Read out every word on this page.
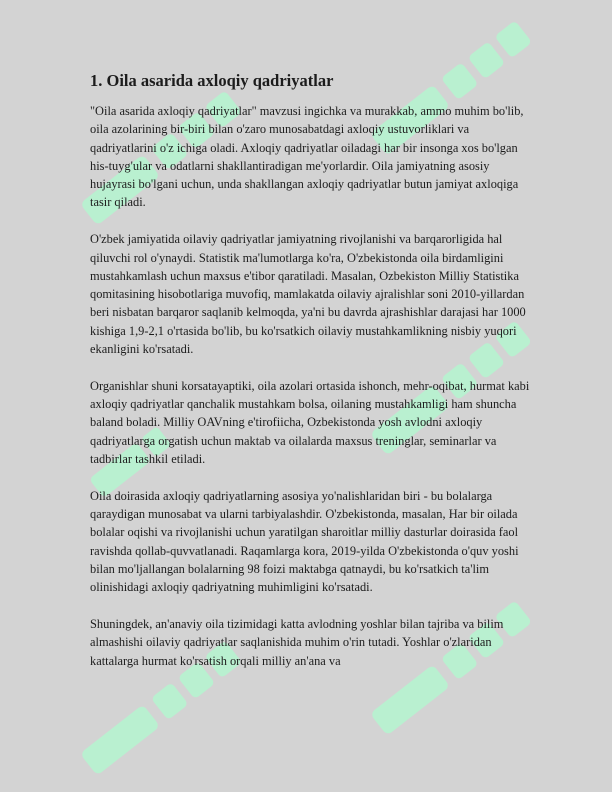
1. Oila asarida axloqiy qadriyatlar

"Oila asarida axloqiy qadriyatlar" mavzusi ingichka va murakkab, ammo muhim bo'lib, oila azolarining bir-biri bilan o'zaro munosabatdagi axloqiy ustuvorliklari va qadriyatlarini o'z ichiga oladi. Axloqiy qadriyatlar oiladagi har bir insonga xos bo'lgan his-tuyg'ular va odatlarni shakllantiradigan me'yorlardir. Oila jamiyatning asosiy hujayrasi bo'lgani uchun, unda shakllangan axloqiy qadriyatlar butun jamiyat axloqiga tasir qiladi.

O'zbek jamiyatida oilaviy qadriyatlar jamiyatning rivojlanishi va barqarorligida hal qiluvchi rol o'ynaydi. Statistik ma'lumotlarga ko'ra, O'zbekistonda oila birdamligini mustahkamlash uchun maxsus e'tibor qaratiladi. Masalan, Ozbekiston Milliy Statistika qomitasining hisobotlariga muvofiq, mamlakatda oilaviy ajralishlar soni 2010-yillardan beri nisbatan barqaror saqlanib kelmoqda, ya'ni bu davrda ajrashishlar darajasi har 1000 kishiga 1,9-2,1 o'rtasida bo'lib, bu ko'rsatkich oilaviy mustahkamlikning nisbiy yuqori ekanligini ko'rsatadi.

Organishlar shuni korsatayaptiki, oila azolari ortasida ishonch, mehr-oqibat, hurmat kabi axloqiy qadriyatlar qanchalik mustahkam bolsa, oilaning mustahkamligi ham shuncha baland boladi. Milliy OAVning e'tirofiicha, Ozbekistonda yosh avlodni axloqiy qadriyatlarga orgatish uchun maktab va oilalarda maxsus treninglar, seminarlar va tadbirlar tashkil etiladi.

Oila doirasida axloqiy qadriyatlarning asosiya yo'nalishlaridan biri - bu bolalarga qaraydigan munosabat va ularni tarbiyalashdir. O'zbekistonda, masalan, Har bir oilada bolalar oqishi va rivojlanishi uchun yaratilgan sharoitlar milliy dasturlar doirasida faol ravishda qollab-quvvatlanadi. Raqamlarga kora, 2019-yilda O'zbekistonda o'quv yoshi bilan mo'ljallangan bolalarning 98 foizi maktabga qatnaydi, bu ko'rsatkich ta'lim olinishidagi axloqiy qadriyatning muhimligini ko'rsatadi.

Shuningdek, an'anaviy oila tizimidagi katta avlodning yoshlar bilan tajriba va bilim almashishi oilaviy qadriyatlar saqlanishida muhim o'rin tutadi. Yoshlar o'zlaridan kattalarga hurmat ko'rsatish orqali milliy an'ana va
